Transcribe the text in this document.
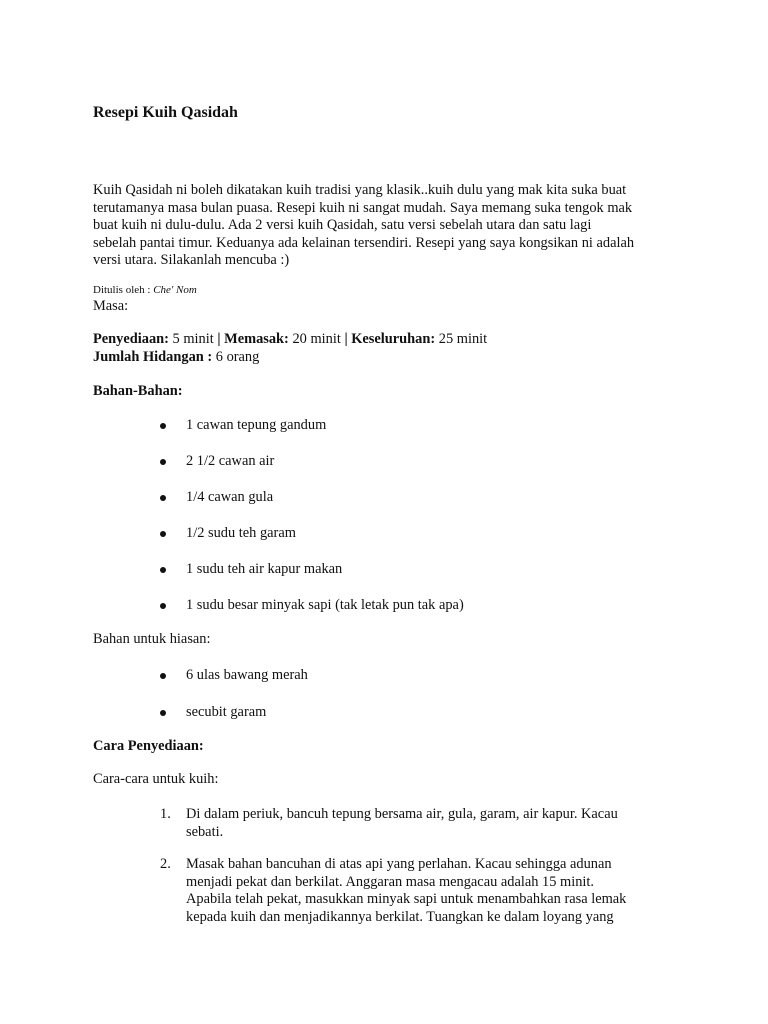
Resepi Kuih Qasidah

Kuih Qasidah ni boleh dikatakan kuih tradisi yang klasik..kuih dulu yang mak kita suka buat
terutamanya masa bulan puasa. Resepi kuih ni sangat mudah. Saya memang suka tengok mak
buat kuih ni dulu-dulu. Ada 2 versi kuih Qasidah, satu versi sebelah utara dan satu lagi
sebelah pantai timur. Keduanya ada kelainan tersendiri. Resepi yang saya kongsikan ni adalah
versi utara. Silakanlah mencuba :)

Ditulis oleh : Che' Nom
Masa:
Penyediaan: 5 minit | Memasak: 20 minit | Keseluruhan: 25 minit
Jumlah Hidangan : 6 orang
Bahan-Bahan:
1 cawan tepung gandum
2 1/2 cawan air
1/4 cawan gula
1/2 sudu teh garam
1 sudu teh air kapur makan
1 sudu besar minyak sapi (tak letak pun tak apa)

Bahan untuk hiasan:

6 ulas bawang merah
secubit garam
Cara Penyediaan:

Cara-cara untuk kuih:

1. Di dalam periuk, bancuh tepung bersama air, gula, garam, air kapur. Kacau
sebati.
2. Masak bahan bancuhan di atas api yang perlahan. Kacau sehingga adunan
menjadi pekat dan berkilat. Anggaran masa mengacau adalah 15 minit.
Apabila telah pekat, masukkan minyak sapi untuk menambahkan rasa lemak
kepada kuih dan menjadikannya berkilat. Tuangkan ke dalam loyang yang
